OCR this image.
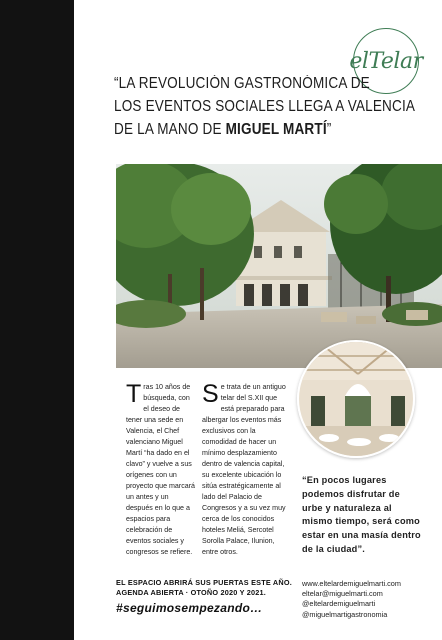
elTelar
“LA REVOLUCIÓN GASTRONÓMICA DE
LOS EVENTOS SOCIALES LLEGA A VALENCIA
DE LA MANO DE MIGUEL MARTÍ”

Tras 10 años de búsqueda, con el deseo de tener una sede en Valencia, el Chef valenciano Miguel Martí “ha dado en el clavo” y vuelve a sus orígenes con un proyecto que marcará un antes y un después en lo que a espacios para celebración de eventos sociales y congresos se refiere.

Se trata de un antiguo telar del S.XII que está preparado para albergar los eventos más exclusivos con la comodidad de hacer un mínimo desplazamiento dentro de valencia capital, su excelente ubicación lo sitúa estratégicamente al lado del Palacio de Congresos y a su vez muy cerca de los conocidos hoteles Meliá, Sercotel Sorolla Palace, Ilunion, entre otros.

“En pocos lugares podemos disfrutar de urbe y naturaleza al mismo tiempo, será como estar en una masía dentro de la ciudad”.
EL ESPACIO ABRIRÁ SUS PUERTAS ESTE AÑO.
AGENDA ABIERTA · OTOÑO 2020 Y 2021.
#seguimosempezando…
www.eltelardemiguelmarti.com
eltelar@miguelmarti.com
@eltelardemiguelmarti
@miguelmartigastronomia
